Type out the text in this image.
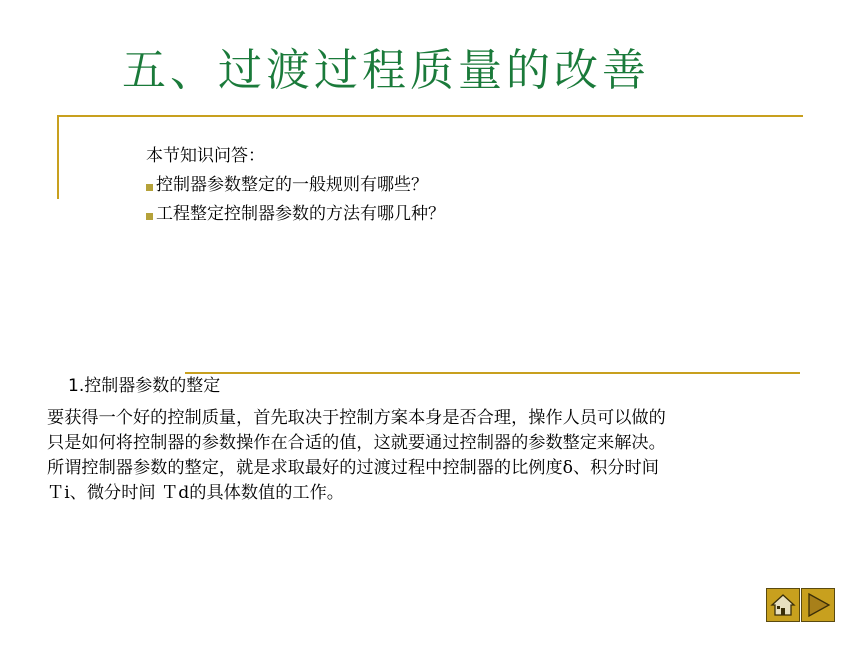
五、过渡过程质量的改善
本节知识问答：
控制器参数整定的一般规则有哪些？
工程整定控制器参数的方法有哪几种？
1.控制器参数的整定
要获得一个好的控制质量，首先取决于控制方案本身是否合理，操作人员可以做的
只是如何将控制器的参数操作在合适的值，这就要通过控制器的参数整定来解决。
所谓控制器参数的整定，就是求取最好的过渡过程中控制器的比例度δ、积分时间
Ｔi、微分时间 Ｔd的具体数值的工作。
